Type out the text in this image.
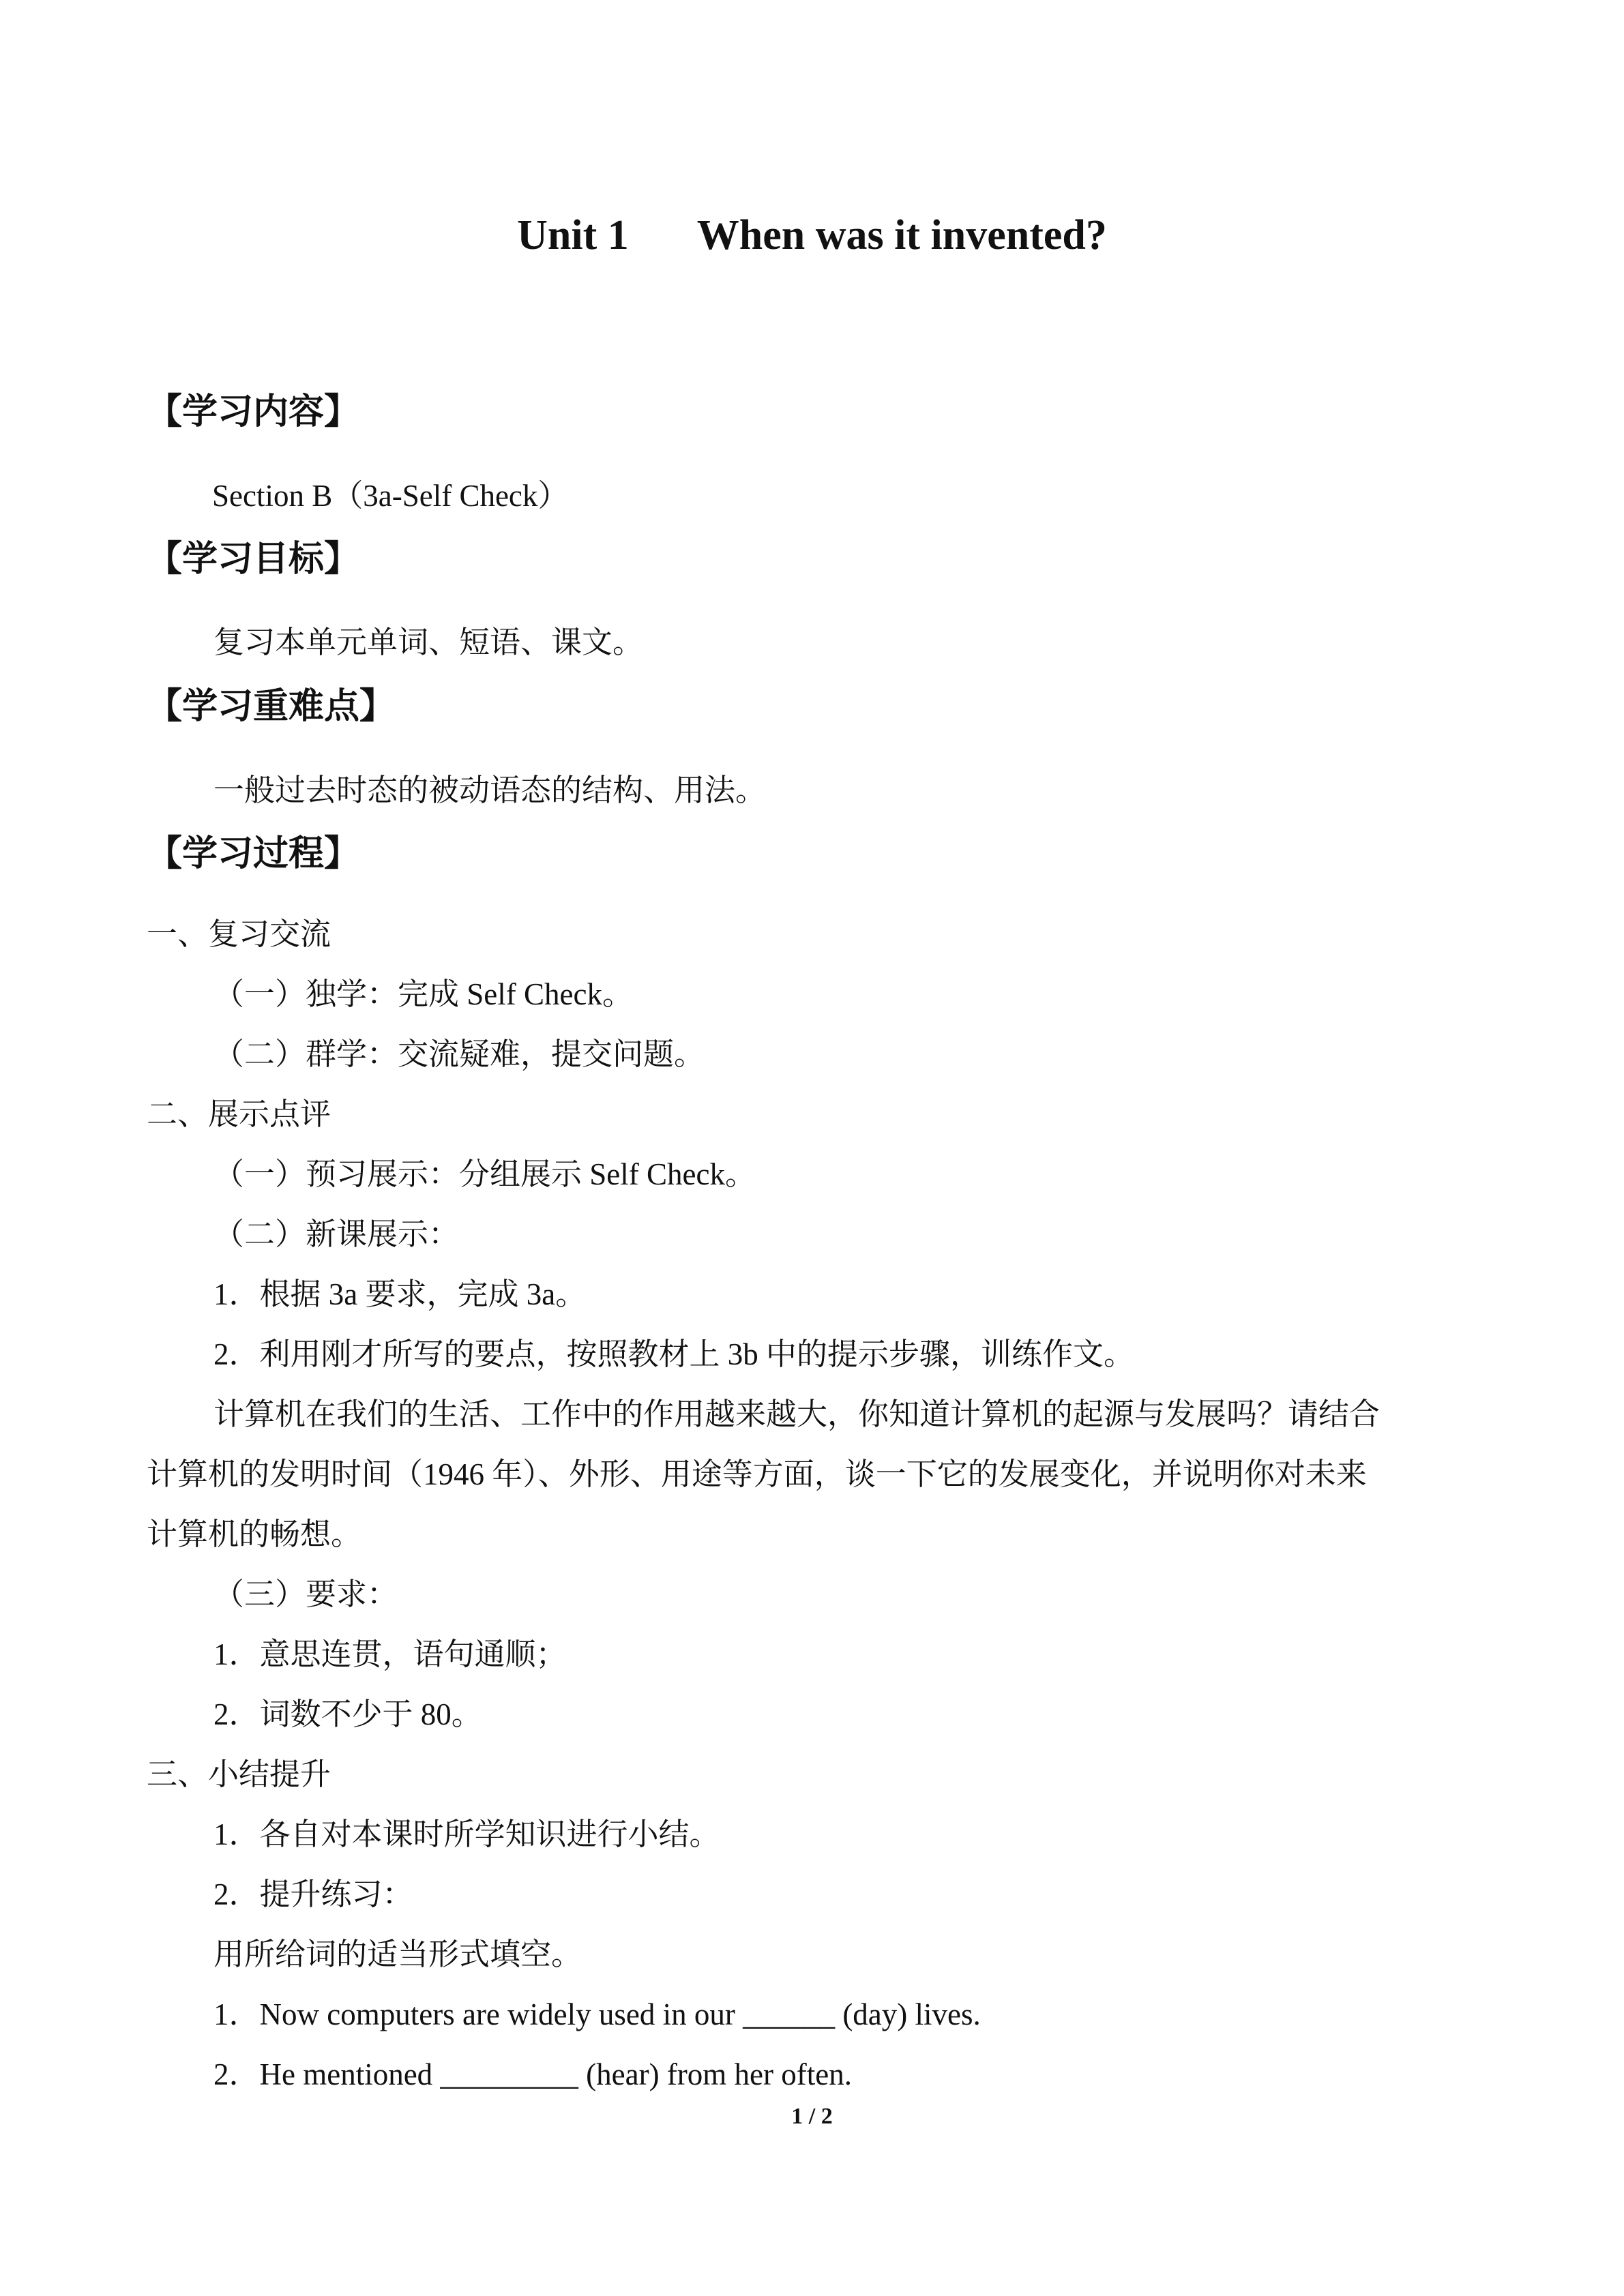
Unit 1 When was it invented?
【学习内容】
Section B（3a-Self Check）
【学习目标】
复习本单元单词、短语、课文。
【学习重难点】
一般过去时态的被动语态的结构、用法。
【学习过程】
一、复习交流
（一）独学：完成 Self Check。
（二）群学：交流疑难，提交问题。
二、展示点评
（一）预习展示：分组展示 Self Check。
（二）新课展示：
1．根据 3a 要求，完成 3a。
2．利用刚才所写的要点，按照教材上 3b 中的提示步骤，训练作文。
计算机在我们的生活、工作中的作用越来越大，你知道计算机的起源与发展吗？请结合
计算机的发明时间（1946 年）、外形、用途等方面，谈一下它的发展变化，并说明你对未来
计算机的畅想。
（三）要求：
1．意思连贯，语句通顺；
2．词数不少于 80。
三、小结提升
1．各自对本课时所学知识进行小结。
2．提升练习：
用所给词的适当形式填空。
1．Now computers are widely used in our ______ (day) lives.
2．He mentioned _________ (hear) from her often.
1 / 2
